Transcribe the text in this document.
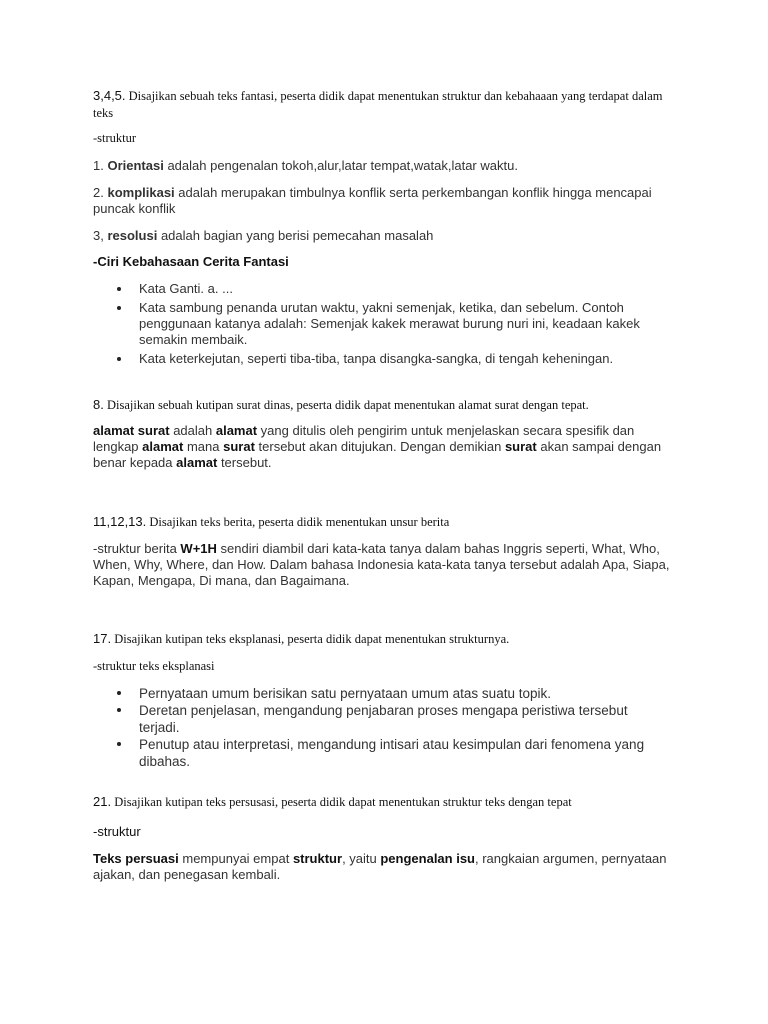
3,4,5. Disajikan sebuah teks fantasi, peserta didik dapat menentukan struktur dan kebahaaan yang terdapat dalam teks

-struktur

1. Orientasi adalah pengenalan tokoh,alur,latar tempat,watak,latar waktu.

2. komplikasi adalah merupakan timbulnya konflik serta perkembangan konflik hingga mencapai puncak konflik

3, resolusi adalah bagian yang berisi pemecahan masalah

-Ciri Kebahasaan Cerita Fantasi

Kata Ganti. a. ...
Kata sambung penanda urutan waktu, yakni semenjak, ketika, dan sebelum. Contoh penggunaan katanya adalah: Semenjak kakek merawat burung nuri ini, keadaan kakek semakin membaik.
Kata keterkejutan, seperti tiba-tiba, tanpa disangka-sangka, di tengah keheningan.

8. Disajikan sebuah kutipan surat dinas, peserta didik dapat menentukan alamat surat dengan tepat.

alamat surat adalah alamat yang ditulis oleh pengirim untuk menjelaskan secara spesifik dan lengkap alamat mana surat tersebut akan ditujukan. Dengan demikian surat akan sampai dengan benar kepada alamat tersebut.

11,12,13. Disajikan teks berita, peserta didik menentukan unsur berita

-struktur berita W+1H sendiri diambil dari kata-kata tanya dalam bahas Inggris seperti, What, Who, When, Why, Where, dan How. Dalam bahasa Indonesia kata-kata tanya tersebut adalah Apa, Siapa, Kapan, Mengapa, Di mana, dan Bagaimana.

17. Disajikan kutipan teks eksplanasi, peserta didik dapat menentukan strukturnya.

-struktur teks eksplanasi

Pernyataan umum berisikan satu pernyataan umum atas suatu topik.
Deretan penjelasan, mengandung penjabaran proses mengapa peristiwa tersebut terjadi.
Penutup atau interpretasi, mengandung intisari atau kesimpulan dari fenomena yang dibahas.

21. Disajikan kutipan teks persusasi, peserta didik dapat menentukan struktur teks dengan tepat

-struktur

Teks persuasi mempunyai empat struktur, yaitu pengenalan isu, rangkaian argumen, pernyataan ajakan, dan penegasan kembali.
